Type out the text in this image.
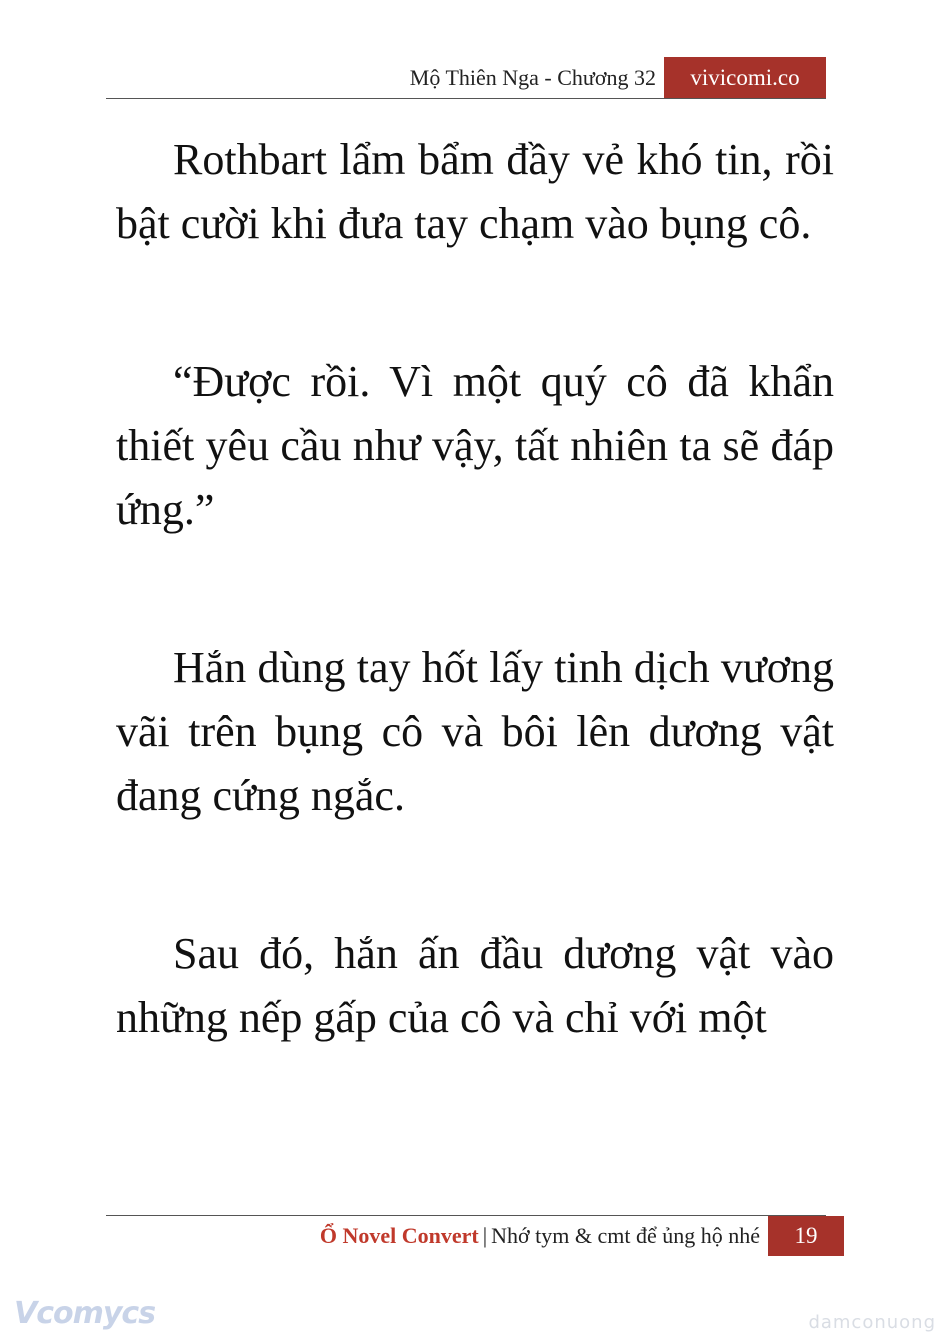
Mộ Thiên Nga - Chương 32	vivicomi.co

Rothbart lẩm bẩm đầy vẻ khó tin, rồi bật cười khi đưa tay chạm vào bụng cô.

“Được rồi. Vì một quý cô đã khẩn thiết yêu cầu như vậy, tất nhiên ta sẽ đáp ứng.”

Hắn dùng tay hốt lấy tinh dịch vương vãi trên bụng cô và bôi lên dương vật đang cứng ngắc.

Sau đó, hắn ấn đầu dương vật vào những nếp gấp của cô và chỉ với một

Ổ Novel Convert | Nhớ tym & cmt để ủng hộ nhé	19
Vcomycs	damconuong
